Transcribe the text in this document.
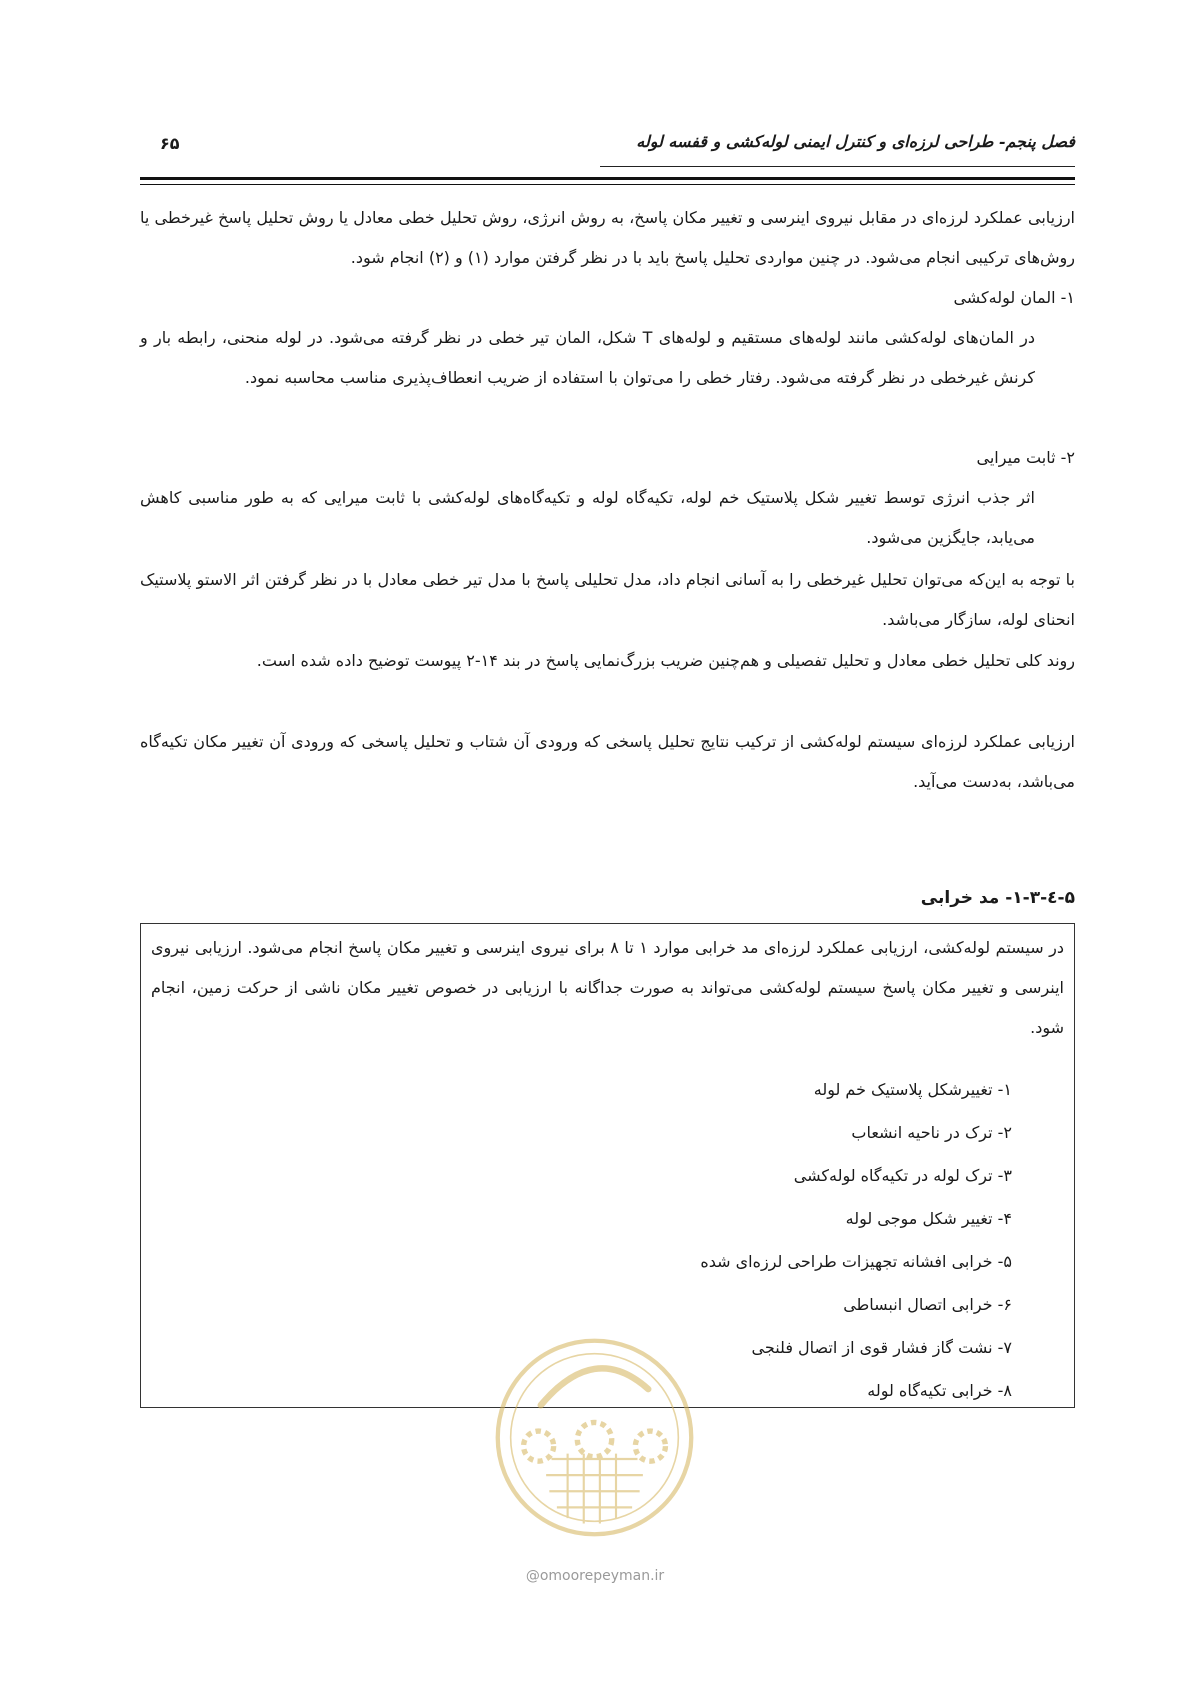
فصل پنجم- طراحی لرزه‌ای و کنترل ایمنی لوله‌کشی و قفسه لوله
۶۵

ارزیابی عملکرد لرزه‌ای در مقابل نیروی اینرسی و تغییر مکان پاسخ، به روش انرژی، روش تحلیل خطی معادل یا روش تحلیل پاسخ غیرخطی یا روش‌های ترکیبی انجام می‌شود. در چنین مواردی تحلیل پاسخ باید با در نظر گرفتن موارد (۱) و (۲) انجام شود.

۱- المان لوله‌کشی

در المان‌های لوله‌کشی مانند لوله‌های مستقیم و لوله‌های T شکل، المان تیر خطی در نظر گرفته می‌شود. در لوله منحنی، رابطه بار و کرنش غیرخطی در نظر گرفته می‌شود. رفتار خطی را می‌توان با استفاده از ضریب انعطاف‌پذیری مناسب محاسبه نمود.

۲- ثابت میرایی

اثر جذب انرژی توسط تغییر شکل پلاستیک خم لوله، تکیه‌گاه لوله و تکیه‌گاه‌های لوله‌کشی با ثابت میرایی که به طور مناسبی کاهش می‌یابد، جایگزین می‌شود.

با توجه به این‌که می‌توان تحلیل غیرخطی را به آسانی انجام داد، مدل تحلیلی پاسخ با مدل تیر خطی معادل با در نظر گرفتن اثر الاستو پلاستیک انحنای لوله، سازگار می‌باشد.

روند کلی تحلیل خطی معادل و تحلیل تفصیلی و هم‌چنین ضریب بزرگ‌نمایی پاسخ در بند ۱۴-۲ پیوست توضیح داده شده است.

ارزیابی عملکرد لرزه‌ای سیستم لوله‌کشی از ترکیب نتایج تحلیل پاسخی که ورودی آن شتاب و تحلیل پاسخی که ورودی آن تغییر مکان تکیه‌گاه می‌باشد، به‌دست می‌آید.

۵-٤-۱-۳- مد خرابی

در سیستم لوله‌کشی، ارزیابی عملکرد لرزه‌ای مد خرابی موارد ۱ تا ۸ برای نیروی اینرسی و تغییر مکان پاسخ انجام می‌شود. ارزیابی نیروی اینرسی و تغییر مکان پاسخ سیستم لوله‌کشی می‌تواند به صورت جداگانه با ارزیابی در خصوص تغییر مکان ناشی از حرکت زمین، انجام شود.

۱- تغییرشکل پلاستیک خم لوله
۲- ترک در ناحیه انشعاب
۳- ترک لوله در تکیه‌گاه لوله‌کشی
۴- تغییر شکل موجی لوله
۵- خرابی افشانه تجهیزات طراحی لرزه‌ای شده
۶- خرابی اتصال انبساطی
۷- نشت گاز فشار قوی از اتصال فلنجی
۸- خرابی تکیه‌گاه لوله
@omoorepeyman.ir
